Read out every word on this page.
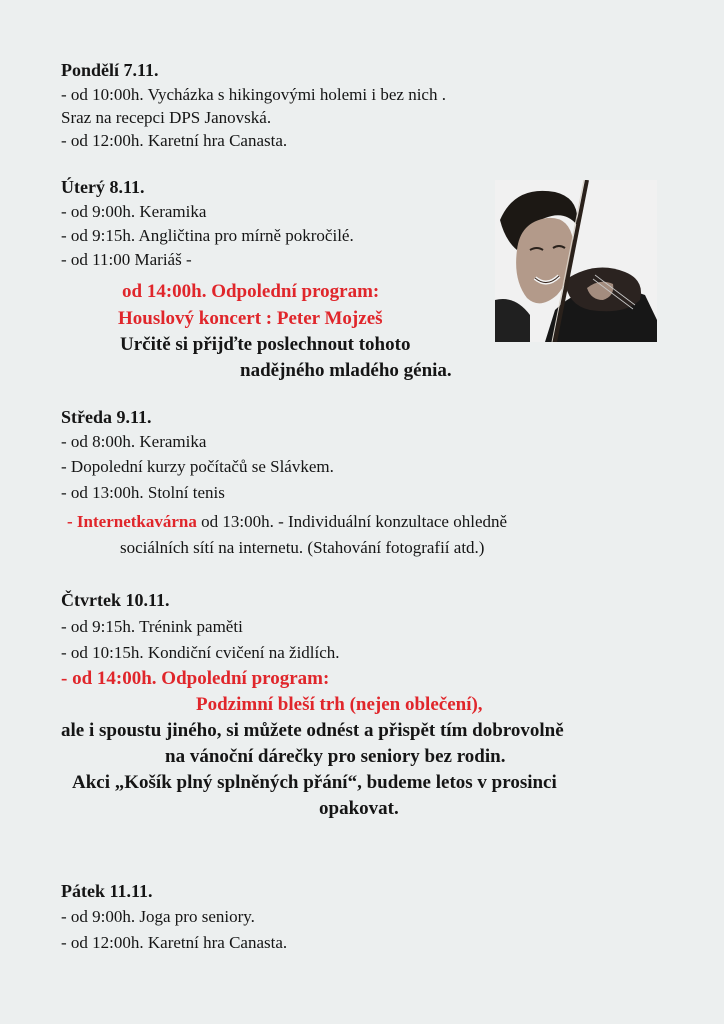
Pondělí 7.11.
- od 10:00h. Vycházka s hikingovými holemi i bez nich .
Sraz na recepci DPS Janovská.
- od 12:00h. Karetní hra Canasta.
Úterý 8.11.
- od 9:00h. Keramika
- od 9:15h. Angličtina pro mírně pokročilé.
- od 11:00 Mariáš -
od 14:00h. Odpolední program:
Houslový koncert : Peter Mojzeš
Určitě si přijďte poslechnout tohoto
nadějného mladého génia.
Středa 9.11.
- od 8:00h. Keramika
- Dopolední kurzy počítačů se Slávkem.
- od 13:00h. Stolní tenis
- Internetkavárna od 13:00h. - Individuální konzultace ohledně
sociálních sítí na internetu. (Stahování fotografií atd.)
Čtvrtek 10.11.
- od 9:15h. Trénink paměti
- od 10:15h. Kondiční cvičení na židlích.
- od 14:00h. Odpolední program:
Podzimní bleší trh (nejen oblečení),
ale i spoustu jiného, si můžete odnést a přispět tím dobrovolně
na vánoční dárečky pro seniory bez rodin.
Akci „Košík plný splněných přání“, budeme letos v prosinci
opakovat.
Pátek 11.11.
- od 9:00h. Joga pro seniory.
- od 12:00h. Karetní hra Canasta.
